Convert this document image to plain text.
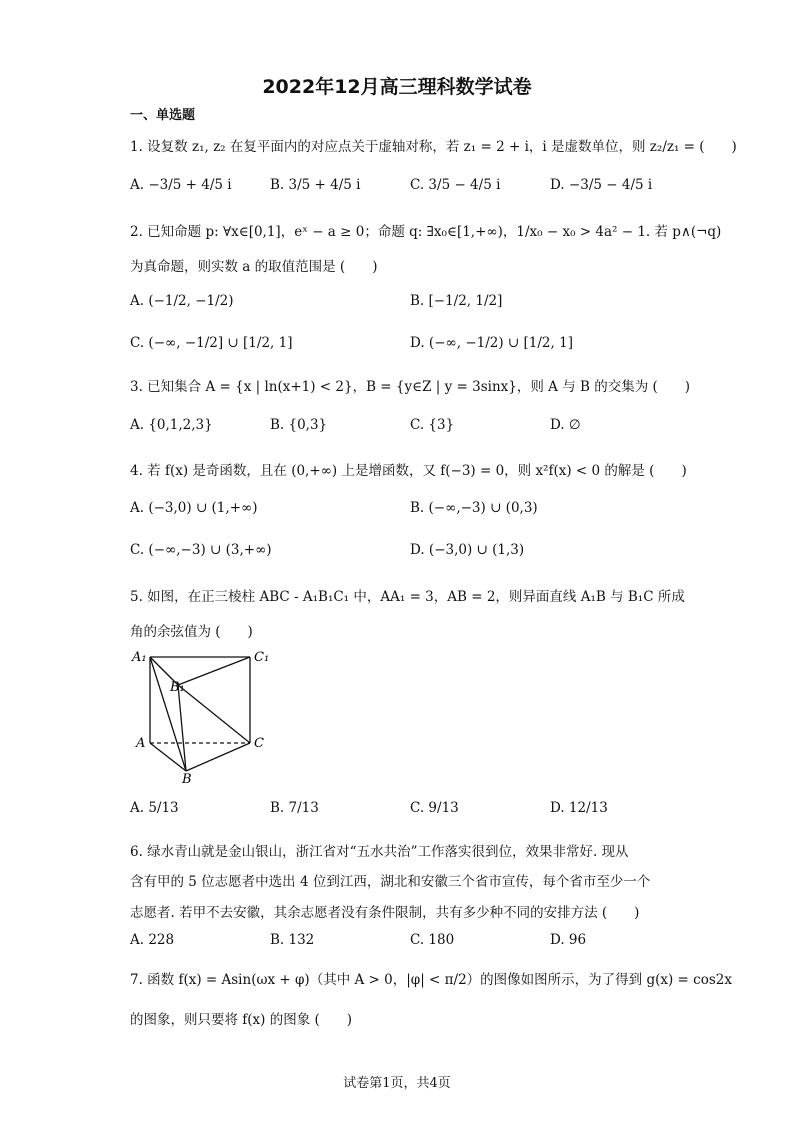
2022年12月高三理科数学试卷
一、单选题
1. 设复数 z₁, z₂ 在复平面内的对应点关于虚轴对称，若 z₁ = 2 + i，i 是虚数单位，则 z₂/z₁ = (　　)
A. −3/5 + 4/5 i	B. 3/5 + 4/5 i	C. 3/5 − 4/5 i	D. −3/5 − 4/5 i
2. 已知命题 p: ∀x∈[0,1]，eˣ − a ≥ 0；命题 q: ∃x₀∈[1,+∞)，1/x₀ − x₀ > 4a² − 1. 若 p∧(¬q)
为真命题，则实数 a 的取值范围是 (　　)
A. (−1/2, −1/2)	B. [−1/2, 1/2]
C. (−∞, −1/2] ∪ [1/2, 1]	D. (−∞, −1/2) ∪ [1/2, 1]
3. 已知集合 A = {x | ln(x+1) < 2}，B = {y∈Z | y = 3sinx}，则 A 与 B 的交集为 (　　)
A. {0,1,2,3}	B. {0,3}	C. {3}	D. ∅
4. 若 f(x) 是奇函数，且在 (0,+∞) 上是增函数，又 f(−3) = 0，则 x²f(x) < 0 的解是 (　　)
A. (−3,0) ∪ (1,+∞)	B. (−∞,−3) ∪ (0,3)
C. (−∞,−3) ∪ (3,+∞)	D. (−3,0) ∪ (1,3)
5. 如图，在正三棱柱 ABC - A₁B₁C₁ 中，AA₁ = 3，AB = 2，则异面直线 A₁B 与 B₁C 所成
角的余弦值为 (　　)
A₁	C₁
B₁
A	C
B
A. 5/13	B. 7/13	C. 9/13	D. 12/13
6. 绿水青山就是金山银山，浙江省对“五水共治”工作落实很到位，效果非常好. 现从
含有甲的 5 位志愿者中选出 4 位到江西，湖北和安徽三个省市宣传，每个省市至少一个
志愿者. 若甲不去安徽，其余志愿者没有条件限制，共有多少种不同的安排方法 (　　)
A. 228	B. 132	C. 180	D. 96
7. 函数 f(x) = Asin(ωx + φ)（其中 A > 0，|φ| < π/2）的图像如图所示，为了得到 g(x) = cos2x
的图象，则只要将 f(x) 的图象 (　　)
试卷第1页，共4页
